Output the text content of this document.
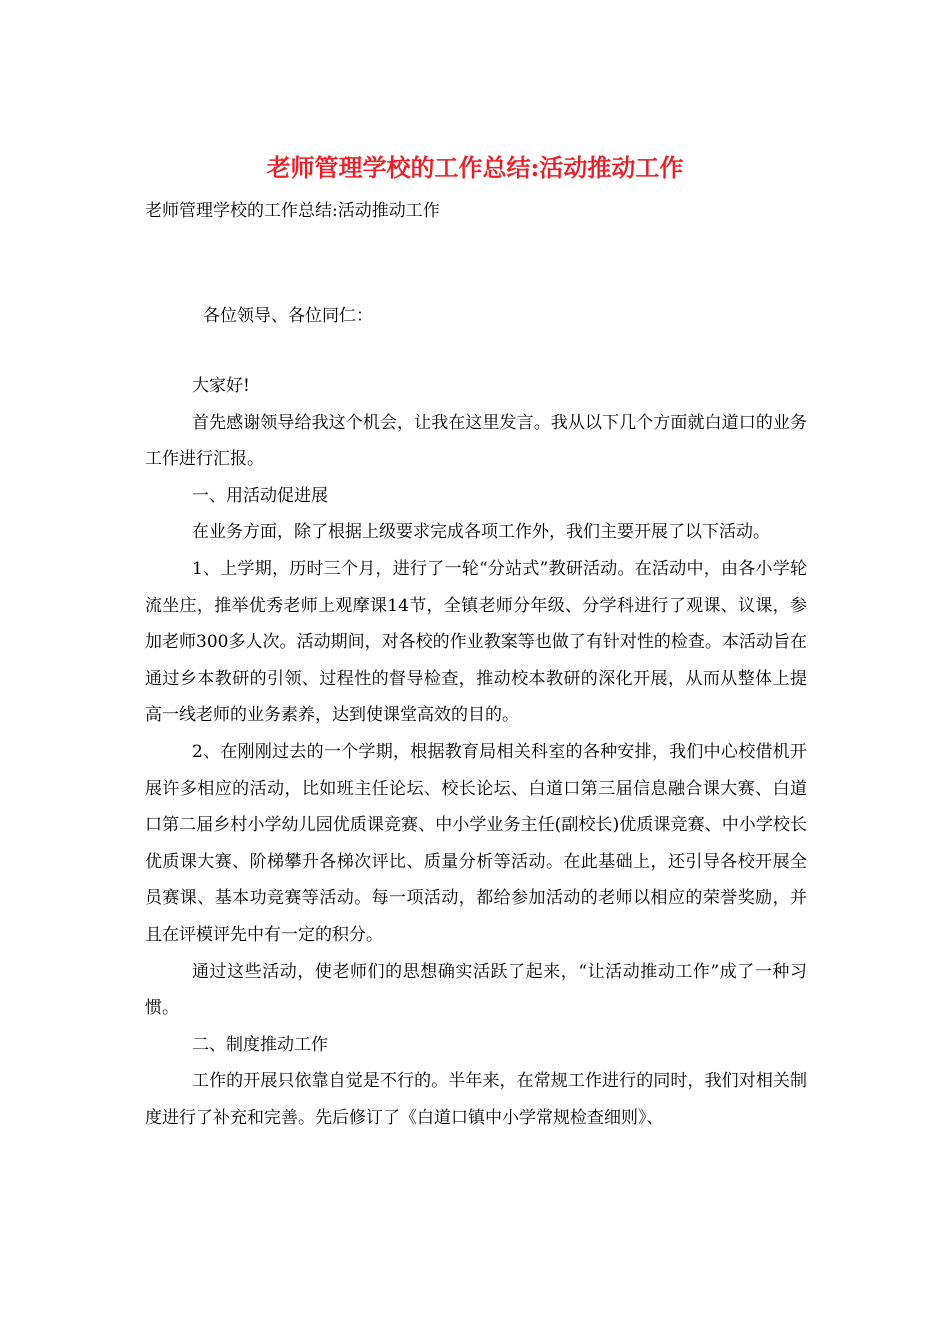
老师管理学校的工作总结:活动推动工作
老师管理学校的工作总结:活动推动工作
各位领导、各位同仁：

大家好!

首先感谢领导给我这个机会，让我在这里发言。我从以下几个方面就白道口的业务工作进行汇报。

一、用活动促进展

在业务方面，除了根据上级要求完成各项工作外，我们主要开展了以下活动。

1、上学期，历时三个月，进行了一轮“分站式”教研活动。在活动中，由各小学轮流坐庄，推举优秀老师上观摩课14节，全镇老师分年级、分学科进行了观课、议课，参加老师300多人次。活动期间，对各校的作业教案等也做了有针对性的检查。本活动旨在通过乡本教研的引领、过程性的督导检查，推动校本教研的深化开展，从而从整体上提高一线老师的业务素养，达到使课堂高效的目的。

2、在刚刚过去的一个学期，根据教育局相关科室的各种安排，我们中心校借机开展许多相应的活动，比如班主任论坛、校长论坛、白道口第三届信息融合课大赛、白道口第二届乡村小学幼儿园优质课竞赛、中小学业务主任(副校长)优质课竞赛、中小学校长优质课大赛、阶梯攀升各梯次评比、质量分析等活动。在此基础上，还引导各校开展全员赛课、基本功竞赛等活动。每一项活动，都给参加活动的老师以相应的荣誉奖励，并且在评模评先中有一定的积分。

通过这些活动，使老师们的思想确实活跃了起来，“让活动推动工作”成了一种习惯。

二、制度推动工作

工作的开展只依靠自觉是不行的。半年来，在常规工作进行的同时，我们对相关制度进行了补充和完善。先后修订了《白道口镇中小学常规检查细则》、
